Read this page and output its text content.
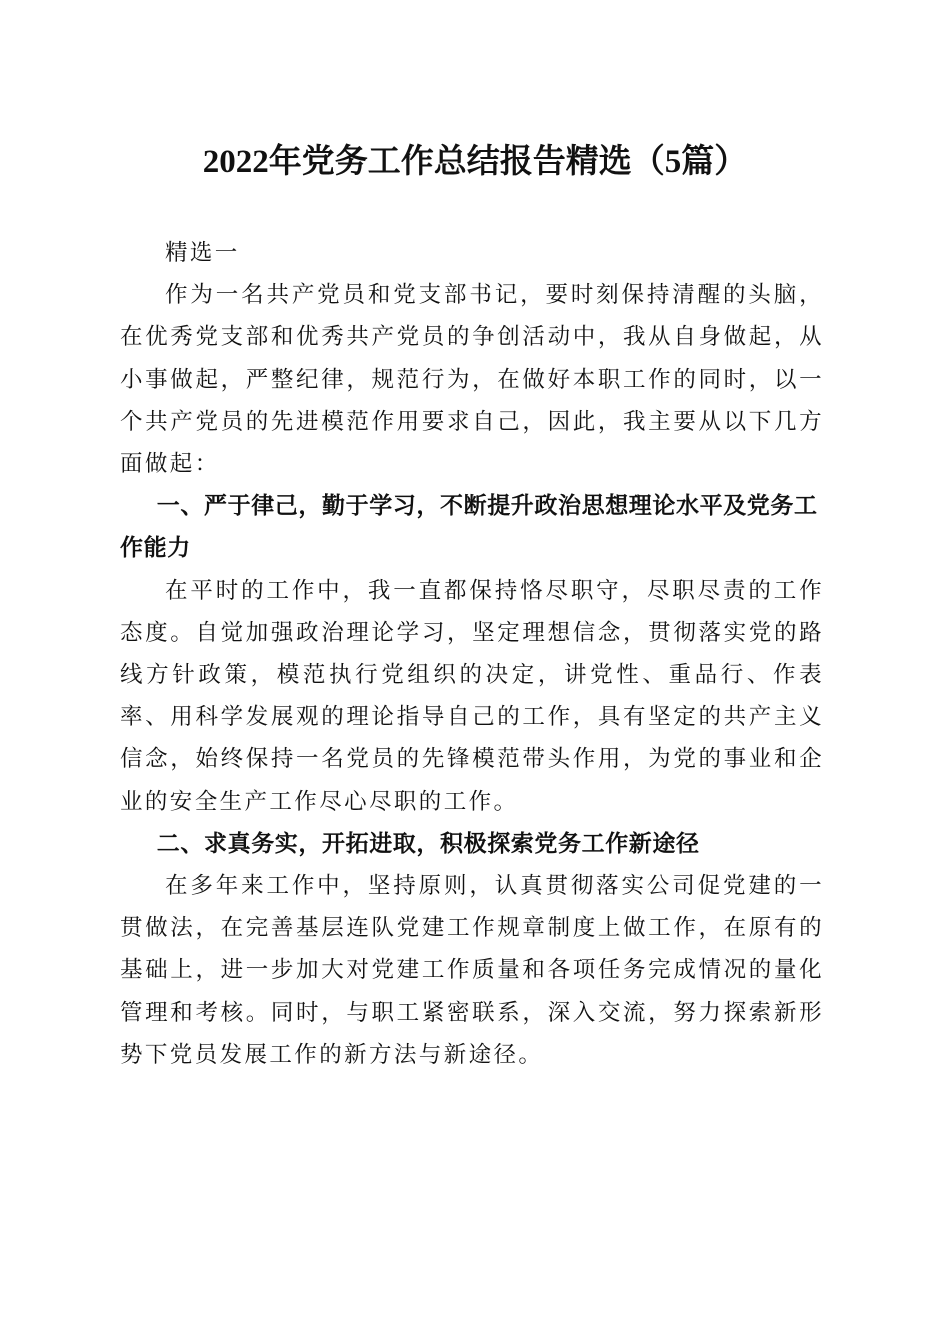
2022年党务工作总结报告精选（5篇）

精选一

作为一名共产党员和党支部书记，要时刻保持清醒的头脑，在优秀党支部和优秀共产党员的争创活动中，我从自身做起，从小事做起，严整纪律，规范行为，在做好本职工作的同时，以一个共产党员的先进模范作用要求自己，因此，我主要从以下几方面做起：

一、严于律己，勤于学习，不断提升政治思想理论水平及党务工作能力

在平时的工作中，我一直都保持恪尽职守，尽职尽责的工作态度。自觉加强政治理论学习，坚定理想信念，贯彻落实党的路线方针政策，模范执行党组织的决定，讲党性、重品行、作表率、用科学发展观的理论指导自己的工作，具有坚定的共产主义信念，始终保持一名党员的先锋模范带头作用，为党的事业和企业的安全生产工作尽心尽职的工作。

二、求真务实，开拓进取，积极探索党务工作新途径

在多年来工作中，坚持原则，认真贯彻落实公司促党建的一贯做法，在完善基层连队党建工作规章制度上做工作，在原有的基础上，进一步加大对党建工作质量和各项任务完成情况的量化管理和考核。同时，与职工紧密联系，深入交流，努力探索新形势下党员发展工作的新方法与新途径。
